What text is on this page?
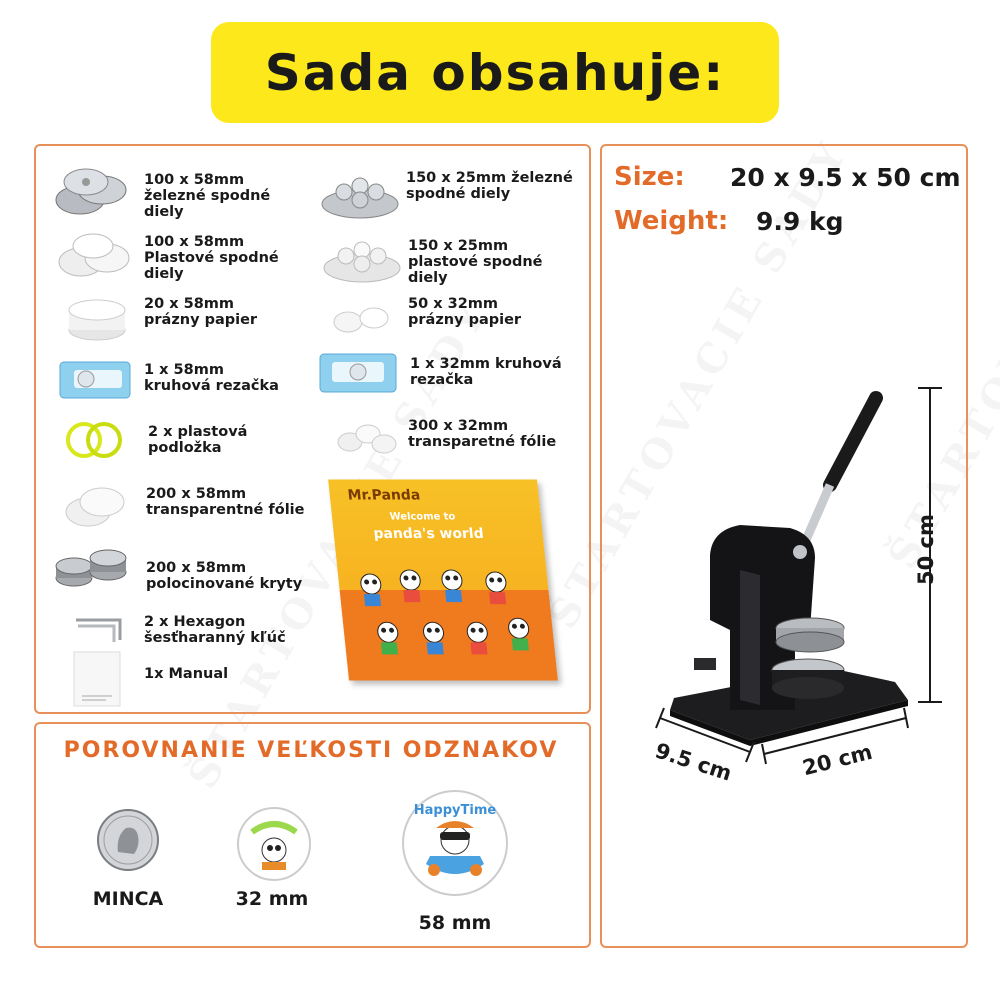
Sada obsahuje:
100 x 58mm
železné spodné
diely
100 x 58mm
Plastové spodné
diely
20 x 58mm
prázny papier
1 x 58mm
kruhová rezačka
2 x plastová
podložka
200 x 58mm
transparentné fólie
200 x 58mm
polocinované kryty
2 x Hexagon
šesťharanný kľúč
1x Manual
150 x 25mm železné
spodné diely
150 x 25mm
plastové spodné
diely
50 x 32mm
prázny papier
1 x 32mm kruhová
rezačka
300 x 32mm
transparetné fólie
Mr.Panda
Welcome to
panda's world
Size: 20 x 9.5 x 50 cm
Weight: 9.9 kg
50 cm
9.5 cm	20 cm
POROVNANIE VEĽKOSTI ODZNAKOV
MINCA	32 mm
HappyTime
58 mm
